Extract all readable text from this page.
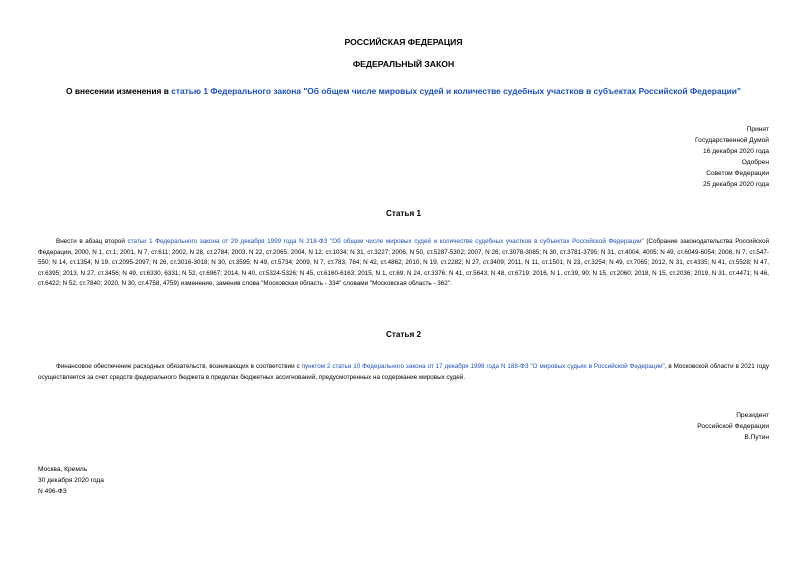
РОССИЙСКАЯ ФЕДЕРАЦИЯ
ФЕДЕРАЛЬНЫЙ ЗАКОН
О внесении изменения в статью 1 Федерального закона "Об общем числе мировых судей и количестве судебных участков в субъектах Российской Федерации"
Принят
Государственной Думой
16 декабря 2020 года
Одобрен
Советом Федерации
25 декабря 2020 года
Статья 1
Внести в абзац второй статьи 1 Федерального закона от 29 декабря 1999 года N 218-ФЗ "Об общем числе мировых судей и количестве судебных участков в субъектах Российской Федерации" (Собрание законодательства Российской Федерации, 2000, N 1, ст.1; 2001, N 7, ст.611; 2002, N 28, ст.2784; 2003, N 22, ст.2065; 2004, N 12, ст.1034; N 31, ст.3227; 2006, N 50, ст.5287-5302; 2007, N 26, ст.3078-3085; N 30, ст.3781-3795; N 31, ст.4004, 4005; N 49, ст.6049-6054; 2008, N 7, ст.547-550; N 14, ст.1354; N 19, ст.2095-2097; N 26, ст.3016-3018; N 30, ст.3595; N 49, ст.5734; 2009, N 7, ст.783, 784; N 42, ст.4862; 2010, N 19, ст.2282; N 27, ст.3409; 2011, N 11, ст.1501; N 23, ст.3254; N 49, ст.7065; 2012, N 31, ст.4335; N 41, ст.5528; N 47, ст.6395; 2013, N 27, ст.3456; N 49, ст.6330, 6331; N 52, ст.6967; 2014, N 40, ст.5324-5326; N 45, ст.6160-6163; 2015, N 1, ст.69; N 24, ст.3376; N 41, ст.5643; N 48, ст.6719; 2016, N 1, ст.39, 90; N 15, ст.2060; 2018, N 15, ст.2036; 2019, N 31, ст.4471; N 46, ст.6422; N 52, ст.7840; 2020, N 30, ст.4758, 4759) изменение, заменив слова "Московская область - 334" словами "Московская область - 362".
Статья 2
Финансовое обеспечение расходных обязательств, возникающих в соответствии с пунктом 2 статьи 10 Федерального закона от 17 декабря 1998 года N 188-ФЗ "О мировых судьях в Российской Федерации", в Московской области в 2021 году осуществляется за счет средств федерального бюджета в пределах бюджетных ассигнований, предусмотренных на содержание мировых судей.
Президент
Российской Федерации
В.Путин
Москва, Кремль
30 декабря 2020 года
N 496-ФЗ
